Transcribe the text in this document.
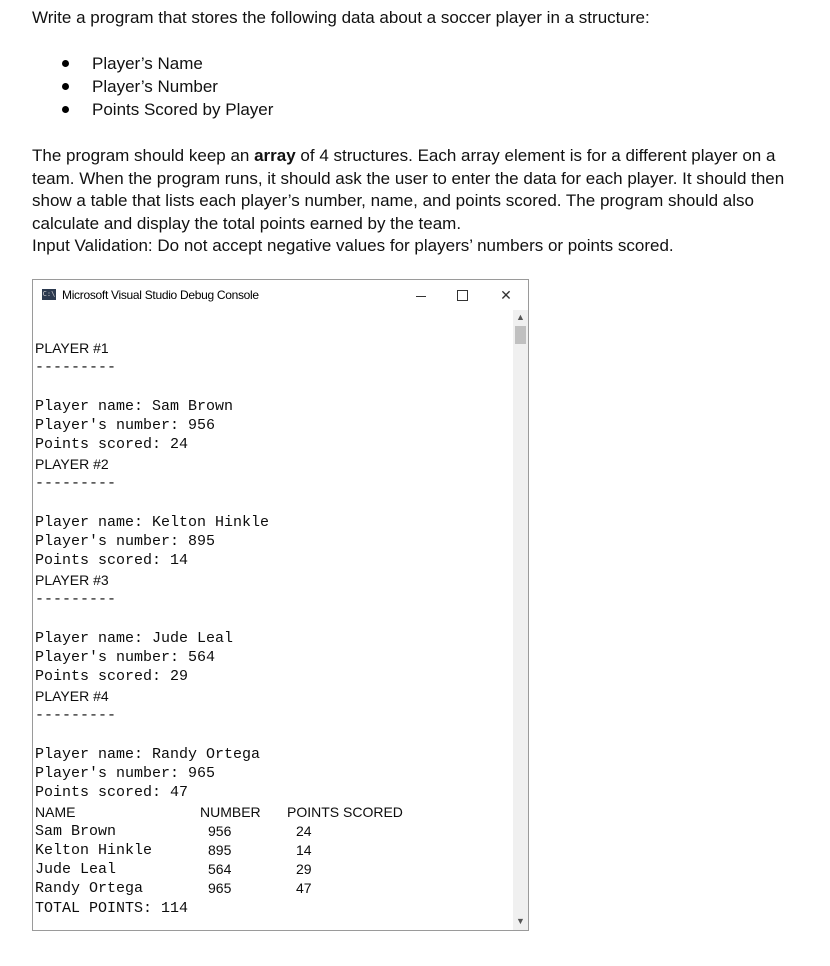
Write a program that stores the following data about a soccer player in a structure:

Player’s Name
Player’s Number
Points Scored by Player

The program should keep an array of 4 structures. Each array element is for a different player on a team. When the program runs, it should ask the user to enter the data for each player. It should then show a table that lists each player’s number, name, and points scored. The program should also calculate and display the total points earned by the team.

Input Validation: Do not accept negative values for players’ numbers or points scored.

C:\ Microsoft Visual Studio Debug Console	✕
PLAYER #1
---------
Player name: Sam Brown
Player's number: 956
Points scored: 24
PLAYER #2
---------
Player name: Kelton Hinkle
Player's number: 895
Points scored: 14
PLAYER #3
---------
Player name: Jude Leal
Player's number: 564
Points scored: 29
PLAYER #4
---------
Player name: Randy Ortega
Player's number: 965
Points scored: 47
NAME	NUMBER POINTS SCORED
Sam Brown	956	24
Kelton Hinkle	895	14
Jude Leal	564	29
Randy Ortega	965	47
TOTAL POINTS: 114
▲
▼
